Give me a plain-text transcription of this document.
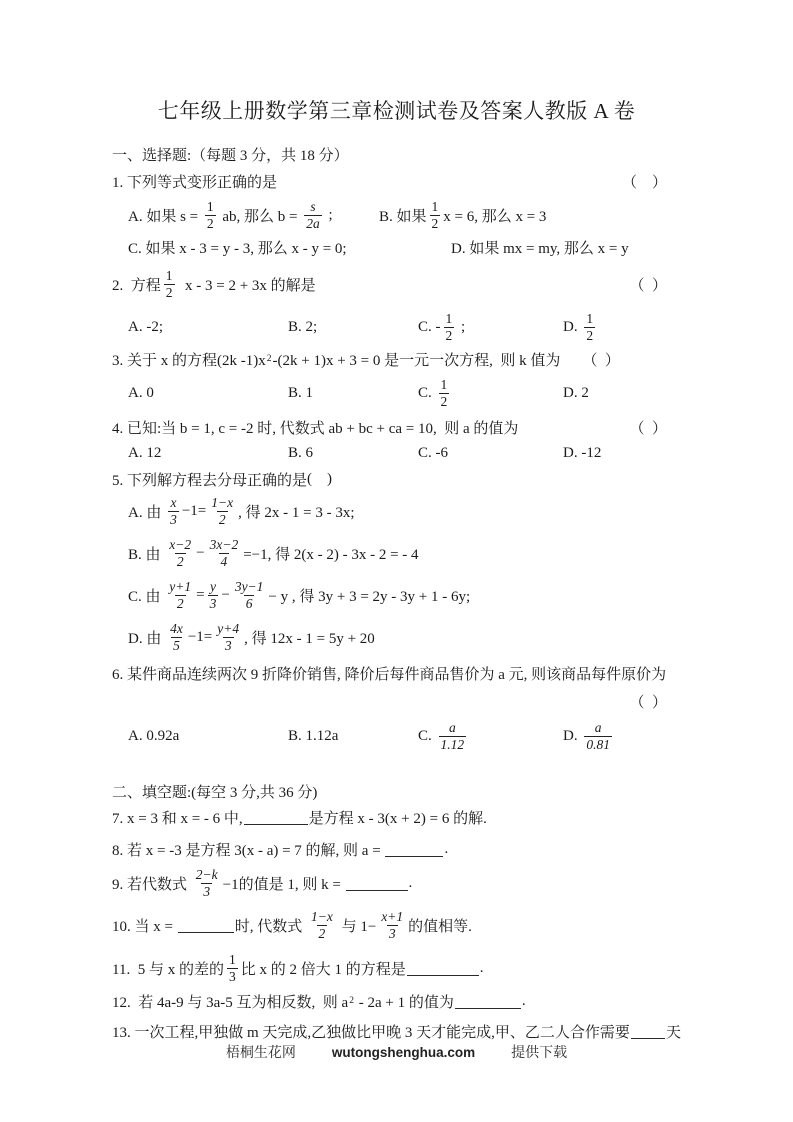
七年级上册数学第三章检测试卷及答案人教版 A 卷
一、选择题:（每题 3 分，共 18 分）
1. 下列等式变形正确的是	（    ）
A. 如果 $s = \frac{1}{2}$ ab, 那么 $b = \frac{s}{2a}$ ;	B. 如果 $\frac{1}{2}$ x = 6, 那么 x = 3
C. 如果 x - 3 = y - 3, 那么 x - y = 0;	D. 如果 mx = my, 那么 x = y
2.  方程 $\frac{1}{2}$ x - 3 = 2 + 3x 的解是	（  ）
A. -2;	B. 2;	C. - $\frac{1}{2}$ ;	D. $\frac{1}{2}$
3. 关于 x 的方程(2k -1)x 2 -(2k + 1)x + 3 = 0 是一元一次方程,  则 k 值为 （  ）
A. 0	B. 1	C. $\frac{1}{2}$	D. 2
4. 已知:当 b = 1, c = -2 时, 代数式 ab + bc + ca = 10,  则 a 的值为	（  ）
A. 12	B. 6	C. -6	D. -12
5. 下列解方程去分母正确的是 (    )
A. 由 $\frac{x}{3} -1= \frac{1-x}{2}$ , 得 2x - 1 = 3 - 3x;
B. 由 $\frac{x-2}{2} - \frac{3x-2}{4} =-1$, 得 2(x - 2) - 3x - 2 = - 4
C. 由 $\frac{y+1}{2} = \frac{y}{3} - \frac{3y-1}{6} - y$ , 得 3y + 3 = 2y - 3y + 1 - 6y;
D. 由 $\frac{4x}{5} -1= \frac{y+4}{3}$ , 得 12x - 1 = 5y + 20
6. 某件商品连续两次 9 折降价销售, 降价后每件商品售价为 a 元, 则该商品每件原价为
（  ）
A. 0.92a	B. 1.12a	C. $\frac{a}{1.12}$	D. $\frac{a}{0.81}$
二、填空题:(每空 3 分,共 36 分)
7. x = 3 和 x = - 6 中,	是方程 x - 3(x + 2) = 6 的解.
8. 若 x = -3 是方程 3(x - a) = 7 的解, 则 a =	.
9. 若代数式 $\frac{2-k}{3} -1$的值是 1, 则 k =	.
10. 当 x =	时, 代数式 $\frac{1-x}{2}$ 与 $1- \frac{x+1}{3}$ 的值相等.
11.  5 与 x 的差的 $\frac{1}{3}$ 比 x 的 2 倍大 1 的方程是	.
12.  若 4a-9 与 3a-5 互为相反数,  则 a 2 - 2a + 1 的值为	.
13. 一次工程,甲独做 m 天完成,乙独做比甲晚 3 天才能完成,甲、乙二人合作需要 天
梧桐生花网	wutongshenghua.com	提供下载
